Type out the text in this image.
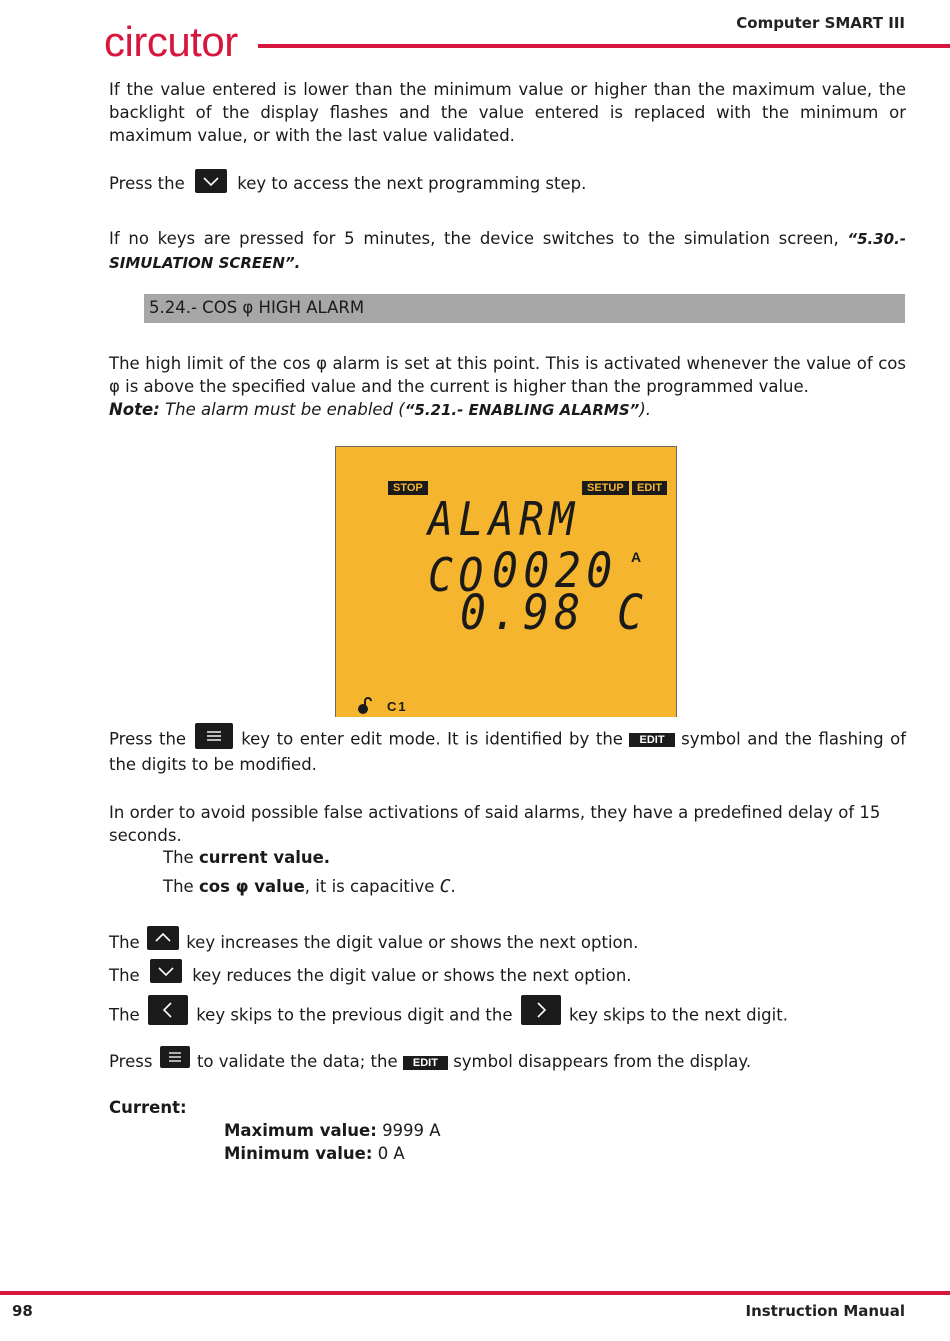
circutor	Computer SMART III
If the value entered is lower than the minimum value or higher than the maximum value, the backlight of the display flashes and the value entered is replaced with the minimum or maximum value, or with the last value validated.
Press the	key to access the next programming step.
If no keys are pressed for 5 minutes, the device switches to the simulation screen, “5.30.- SIMULATION SCREEN”.
5.24.- COS φ HIGH ALARM
The high limit of the cos φ alarm is set at this point. This is activated whenever the value of cos φ is above the specified value and the current is higher than the programmed value.
Note: The alarm must be enabled (“5.21.- ENABLING ALARMS”).
STOP	SETUP	EDIT
ALARM CO 0020 A
0.98 C
C1
Press the	key to enter edit mode. It is identified by the EDIT symbol and the flashing of the digits to be modified.
In order to avoid possible false activations of said alarms, they have a predefined delay of 15 seconds.
The current value.
The cos φ value, it is capacitive C.
The	key increases the digit value or shows the next option.
The	key reduces the digit value or shows the next option.
The	key skips to the previous digit and the	key skips to the next digit.
Press	to validate the data; the EDIT symbol disappears from the display.
Current:
Maximum value: 9999 A
Minimum value: 0 A
98	Instruction Manual
